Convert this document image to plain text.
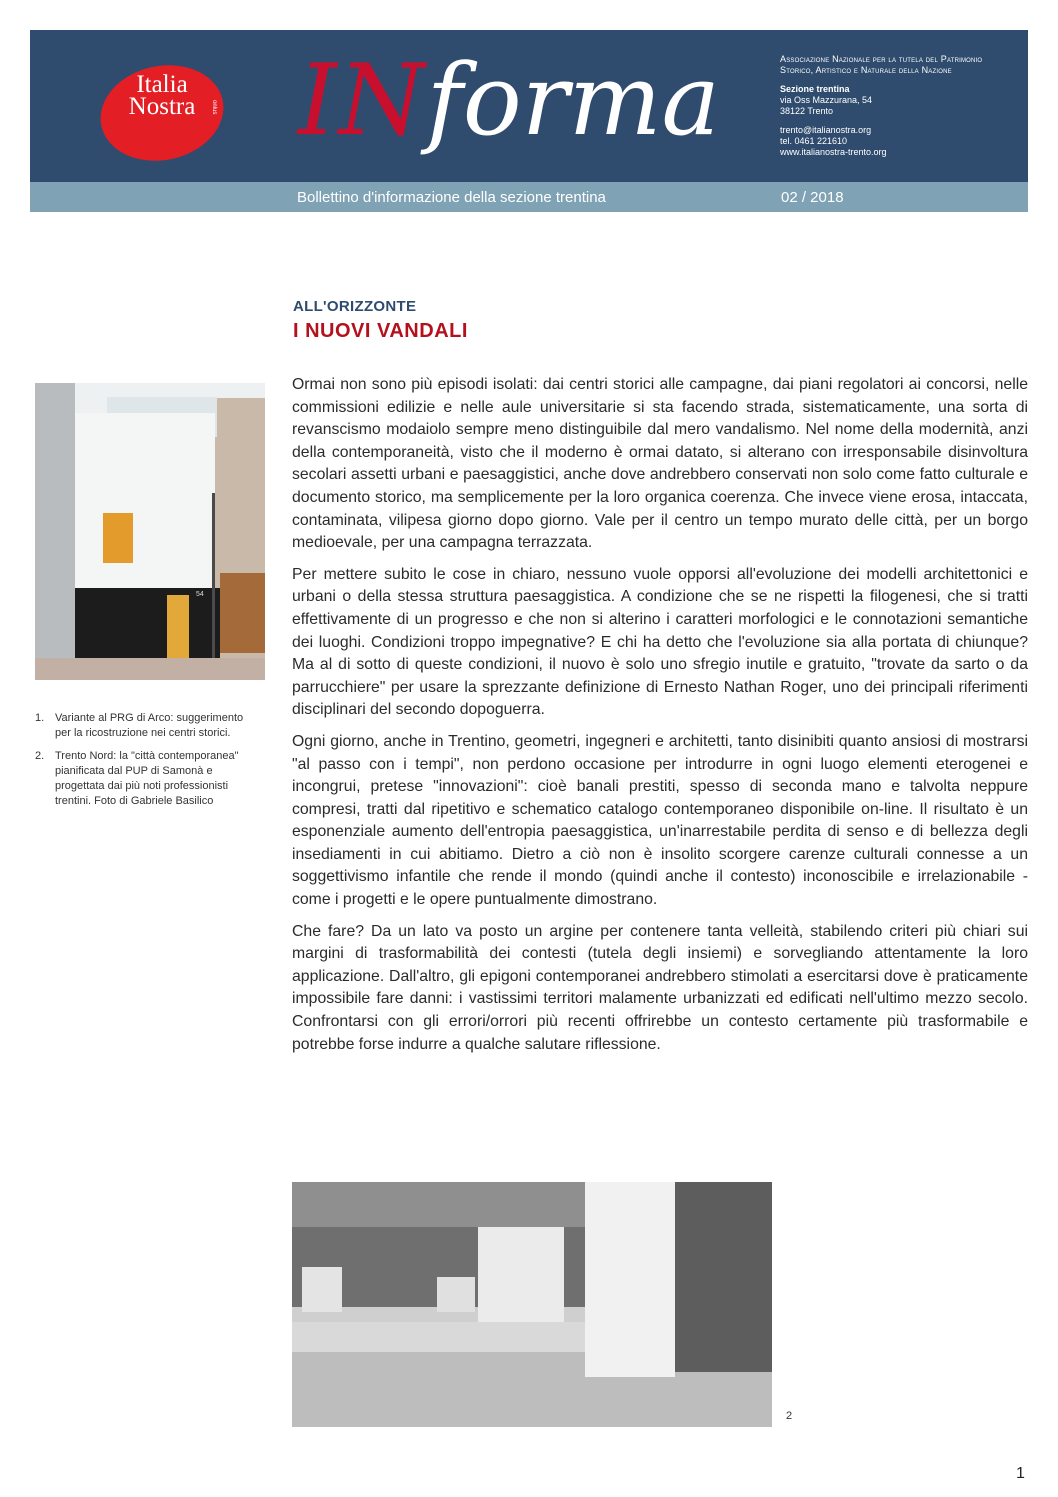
Italia
Nostra	onlus INforma	Associazione Nazionale per la tutela del Patrimonio
Storico, Artistico e Naturale della Nazione
Sezione trentina
via Oss Mazzurana, 54
38122 Trento
trento@italianostra.org
tel. 0461 221610
www.italianostra-trento.org
Bollettino d'informazione della sezione trentina	02 / 2018
ALL'ORIZZONTE
I NUOVI VANDALI
54
1. Variante al PRG di Arco: suggerimento per la ricostruzione nei centri storici.
2. Trento Nord: la "città contemporanea" pianificata dal PUP di Samonà e progettata dai più noti professionisti trentini. Foto di Gabriele Basilico

Ormai non sono più episodi isolati: dai centri storici alle campagne, dai piani regolatori ai concorsi, nelle commissioni edilizie e nelle aule universitarie si sta facendo strada, sistematicamente, una sorta di revanscismo modaiolo sempre meno distinguibile dal mero vandalismo. Nel nome della modernità, anzi della contemporaneità, visto che il moderno è ormai datato, si alterano con irresponsabile disinvoltura secolari assetti urbani e paesaggistici, anche dove andrebbero conservati non solo come fatto culturale e documento storico, ma semplicemente per la loro organica coerenza. Che invece viene erosa, intaccata, contaminata, vilipesa giorno dopo giorno. Vale per il centro un tempo murato delle città, per un borgo medioevale, per una campagna terrazzata.

Per mettere subito le cose in chiaro, nessuno vuole opporsi all'evoluzione dei modelli architettonici e urbani o della stessa struttura paesaggistica. A condizione che se ne rispetti la filogenesi, che si tratti effettivamente di un progresso e che non si alterino i caratteri morfologici e le connotazioni semantiche dei luoghi. Condizioni troppo impegnative? E chi ha detto che l'evoluzione sia alla portata di chiunque? Ma al di sotto di queste condizioni, il nuovo è solo uno sfregio inutile e gratuito, "trovate da sarto o da parrucchiere" per usare la sprezzante definizione di Ernesto Nathan Roger, uno dei principali riferimenti disciplinari del secondo dopoguerra.

Ogni giorno, anche in Trentino, geometri, ingegneri e architetti, tanto disinibiti quanto ansiosi di mostrarsi "al passo con i tempi", non perdono occasione per introdurre in ogni luogo elementi eterogenei e incongrui, pretese "innovazioni": cioè banali prestiti, spesso di seconda mano e talvolta neppure compresi, tratti dal ripetitivo e schematico catalogo contemporaneo disponibile on-line. Il risultato è un esponenziale aumento dell'entropia paesaggistica, un'inarrestabile perdita di senso e di bellezza degli insediamenti in cui abitiamo. Dietro a ciò non è insolito scorgere carenze culturali connesse a un soggettivismo infantile che rende il mondo (quindi anche il contesto) inconoscibile e irrelazionabile - come i progetti e le opere puntualmente dimostrano.

Che fare? Da un lato va posto un argine per contenere tanta velleità, stabilendo criteri più chiari sui margini di trasformabilità dei contesti (tutela degli insiemi) e sorvegliando attentamente la loro applicazione. Dall'altro, gli epigoni contemporanei andrebbero stimolati a esercitarsi dove è praticamente impossibile fare danni: i vastissimi territori malamente urbanizzati ed edificati nell'ultimo mezzo secolo. Confrontarsi con gli errori/orrori più recenti offrirebbe un contesto certamente più trasformabile e potrebbe forse indurre a qualche salutare riflessione.

2
1
